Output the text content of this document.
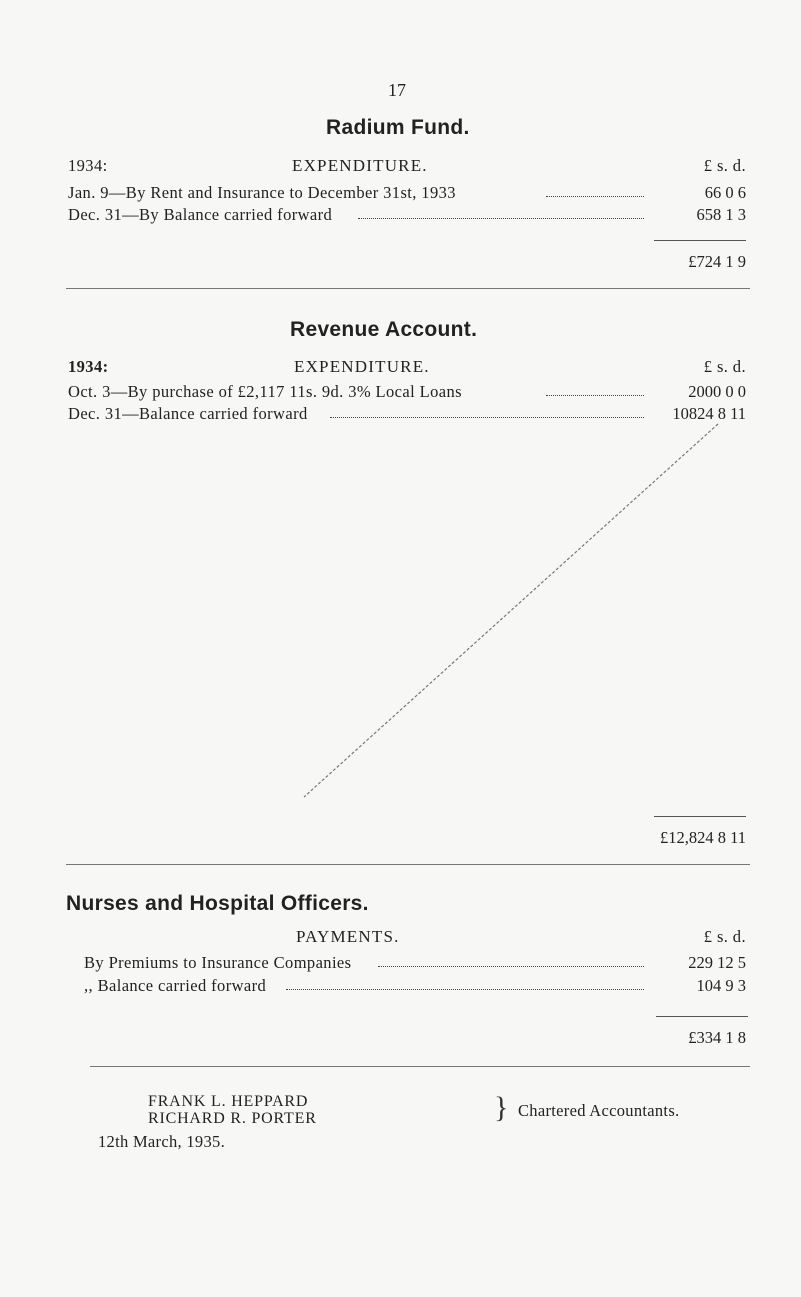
17
Radium Fund.
1934:	EXPENDITURE.	£ s. d.
Jan. 9—By Rent and Insurance to December 31st, 1933	66 0 6
Dec. 31—By Balance carried forward	658 1 3
£724 1 9
Revenue Account.
1934:	EXPENDITURE.	£ s. d.
Oct. 3—By purchase of £2,117 11s. 9d. 3% Local Loans	2000 0 0
Dec. 31—Balance carried forward	10824 8 11
£12,824 8 11
Nurses and Hospital Officers.
PAYMENTS.	£ s. d.
By Premiums to Insurance Companies	229 12 5
,, Balance carried forward	104 9 3
£334 1 8
FRANK L. HEPPARD
RICHARD R. PORTER	} Chartered Accountants.
12th March, 1935.
